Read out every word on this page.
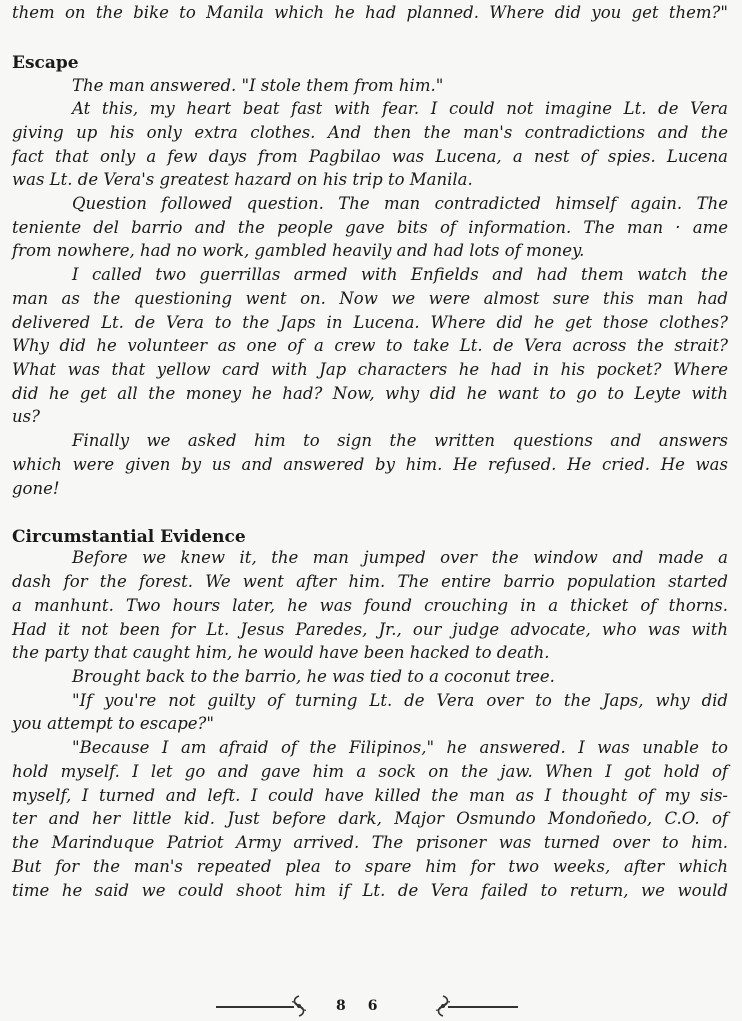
them on the bike to Manila which he had planned. Where did you get them?"
Escape
The man answered. "I stole them from him."
At this, my heart beat fast with fear. I could not imagine Lt. de Vera
giving up his only extra clothes. And then the man's contradictions and the
fact that only a few days from Pagbilao was Lucena, a nest of spies. Lucena
was Lt. de Vera's greatest hazard on his trip to Manila.
Question followed question. The man contradicted himself again. The
teniente del barrio and the people gave bits of information. The man · ame
from nowhere, had no work, gambled heavily and had lots of money.
I called two guerrillas armed with Enfields and had them watch the
man as the questioning went on. Now we were almost sure this man had
delivered Lt. de Vera to the Japs in Lucena. Where did he get those clothes?
Why did he volunteer as one of a crew to take Lt. de Vera across the strait?
What was that yellow card with Jap characters he had in his pocket? Where
did he get all the money he had? Now, why did he want to go to Leyte with
us?
Finally we asked him to sign the written questions and answers
which were given by us and answered by him. He refused. He cried. He was
gone!
Circumstantial Evidence
Before we knew it, the man jumped over the window and made a
dash for the forest. We went after him. The entire barrio population started
a manhunt. Two hours later, he was found crouching in a thicket of thorns.
Had it not been for Lt. Jesus Paredes, Jr., our judge advocate, who was with
the party that caught him, he would have been hacked to death.
Brought back to the barrio, he was tied to a coconut tree.
"If you're not guilty of turning Lt. de Vera over to the Japs, why did
you attempt to escape?"
"Because I am afraid of the Filipinos," he answered. I was unable to
hold myself. I let go and gave him a sock on the jaw. When I got hold of
myself, I turned and left. I could have killed the man as I thought of my sis-
ter and her little kid. Just before dark, Major Osmundo Mondoñedo, C.O. of
the Marinduque Patriot Army arrived. The prisoner was turned over to him.
But for the man's repeated plea to spare him for two weeks, after which
time he said we could shoot him if Lt. de Vera failed to return, we would
86
